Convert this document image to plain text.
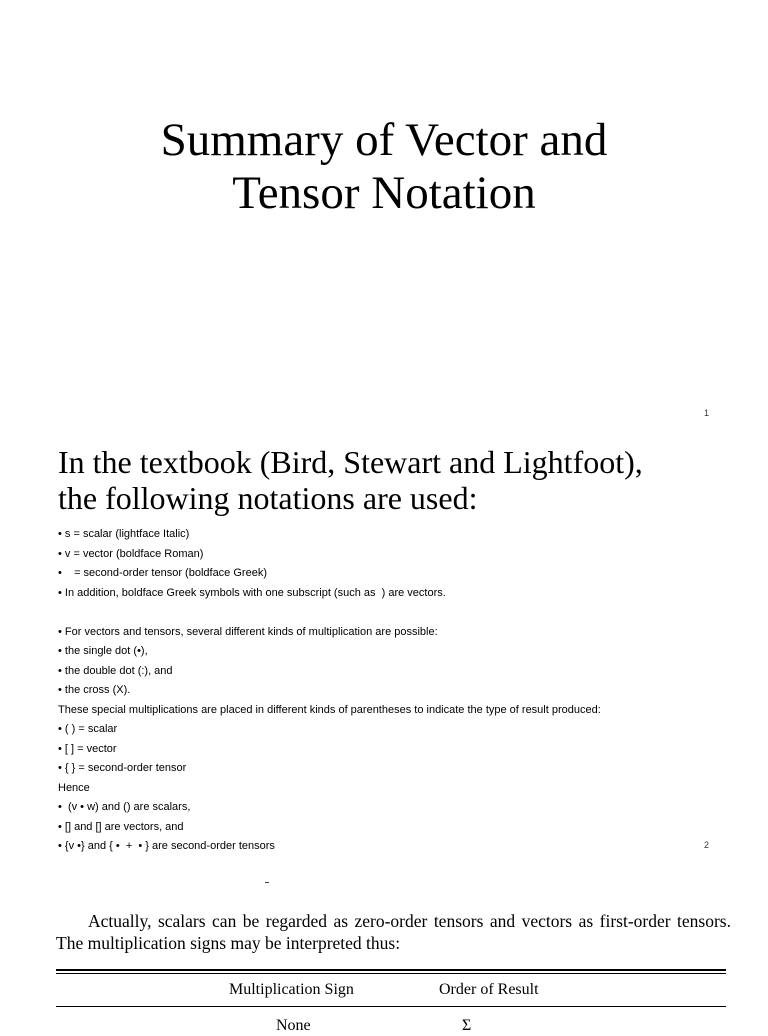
Summary of Vector and
Tensor Notation
1
In the textbook (Bird, Stewart and Lightfoot),
the following notations are used:
• s = scalar (lightface Italic)
• v = vector (boldface Roman)
•    = second-order tensor (boldface Greek)
• In addition, boldface Greek symbols with one subscript (such as  ) are vectors.
• For vectors and tensors, several different kinds of multiplication are possible:
• the single dot (•),
• the double dot (:), and
• the cross (X).
These special multiplications are placed in different kinds of parentheses to indicate the type of result produced:
• ( ) = scalar
• [ ] = vector
• { } = second-order tensor
Hence
•  (v • w) and () are scalars,
• [] and [] are vectors, and
• {v •} and { •  +  • } are second-order tensors	2
Actually, scalars can be regarded as zero-order tensors and vectors as first-order tensors. The multiplication signs may be interpreted thus:
Multiplication Sign	Order of Result
None	Σ
